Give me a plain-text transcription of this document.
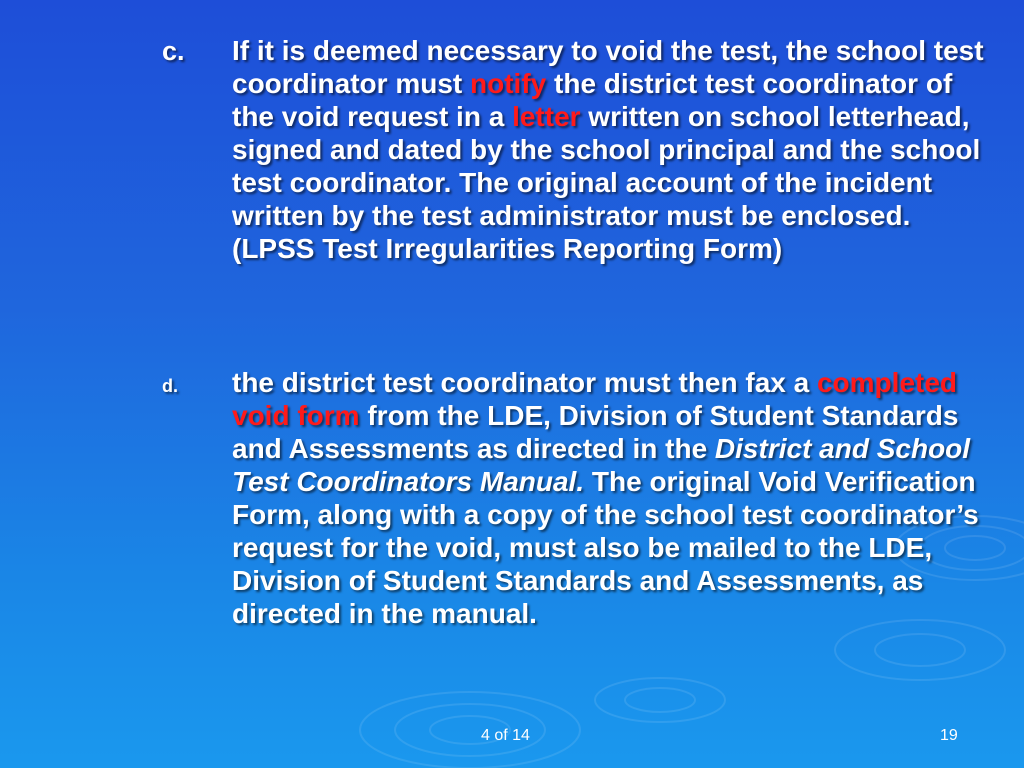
c. If it is deemed necessary to void the test, the school test coordinator must notify the district test coordinator of the void request in a letter written on school letterhead, signed and dated by the school principal and the school test coordinator. The original account of the incident written by the test administrator must be enclosed. (LPSS Test Irregularities Reporting Form)

d. the district test coordinator must then fax a completed void form from the LDE, Division of Student Standards and Assessments as directed in the District and School Test Coordinators Manual. The original Void Verification Form, along with a copy of the school test coordinator’s request for the void, must also be mailed to the LDE, Division of Student Standards and Assessments, as directed in the manual.

4 of 14	19
